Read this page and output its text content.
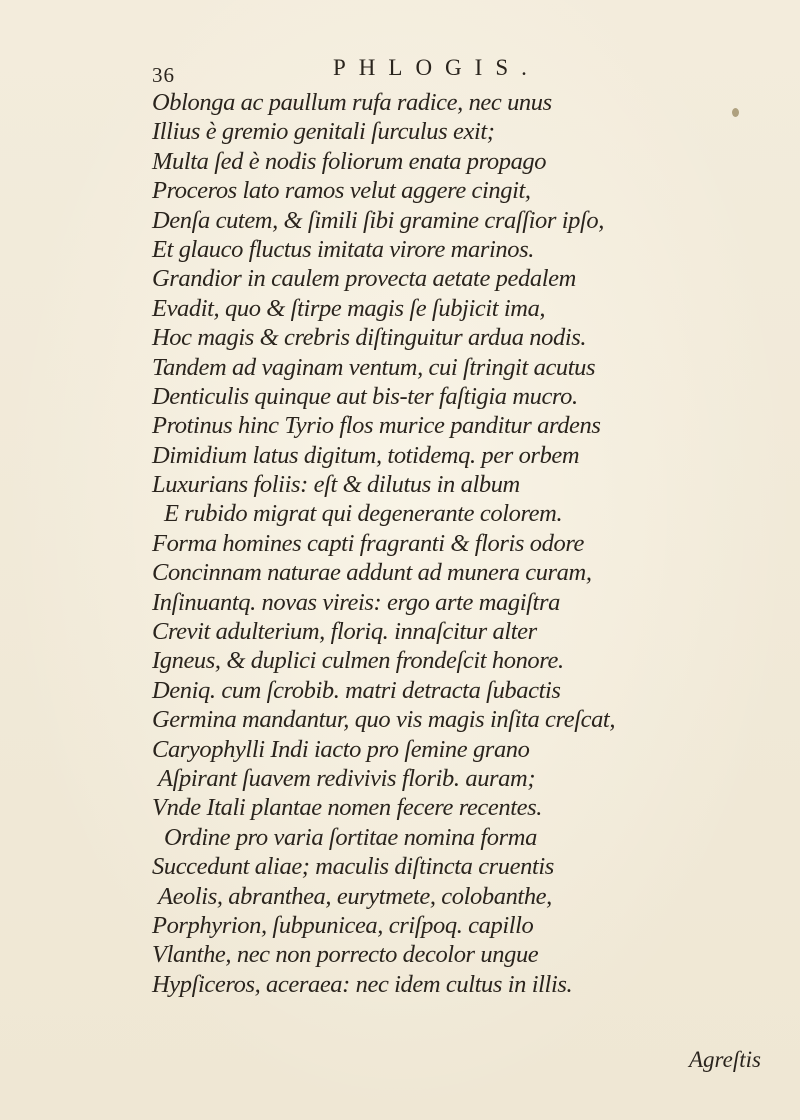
36	PHLOGIS.
Oblonga ac paullum rufa radice, nec unus
Illius è gremio genitali ſurculus exit;
Multa ſed è nodis foliorum enata propago
Proceros lato ramos velut aggere cingit,
Denſa cutem, & ſimili ſibi gramine craſſior ipſo,
Et glauco fluctus imitata virore marinos.
Grandior in caulem provecta aetate pedalem
Evadit, quo & ſtirpe magis ſe ſubjicit ima,
Hoc magis & crebris diſtinguitur ardua nodis.
Tandem ad vaginam ventum, cui ſtringit acutus
Denticulis quinque aut bis-ter faſtigia mucro.
Protinus hinc Tyrio flos murice panditur ardens
Dimidium latus digitum, totidemq. per orbem
Luxurians foliis: eſt & dilutus in album
E rubido migrat qui degenerante colorem.
Forma homines capti fragranti & floris odore
Concinnam naturae addunt ad munera curam,
Inſinuantq. novas vireis: ergo arte magiſtra
Crevit adulterium, floriq. innaſcitur alter
Igneus, & duplici culmen frondeſcit honore.
Deniq. cum ſcrobib. matri detracta ſubactis
Germina mandantur, quo vis magis inſita creſcat,
Caryophylli Indi iacto pro ſemine grano
Aſpirant ſuavem redivivis florib. auram;
Vnde Itali plantae nomen fecere recentes.
Ordine pro varia ſortitae nomina forma
Succedunt aliae; maculis diſtincta cruentis
Aeolis, abranthea, eurytmete, colobanthe,
Porphyrion, ſubpunicea, criſpoq. capillo
Vlanthe, nec non porrecto decolor ungue
Hypſiceros, aceraea: nec idem cultus in illis.
Agreſtis
